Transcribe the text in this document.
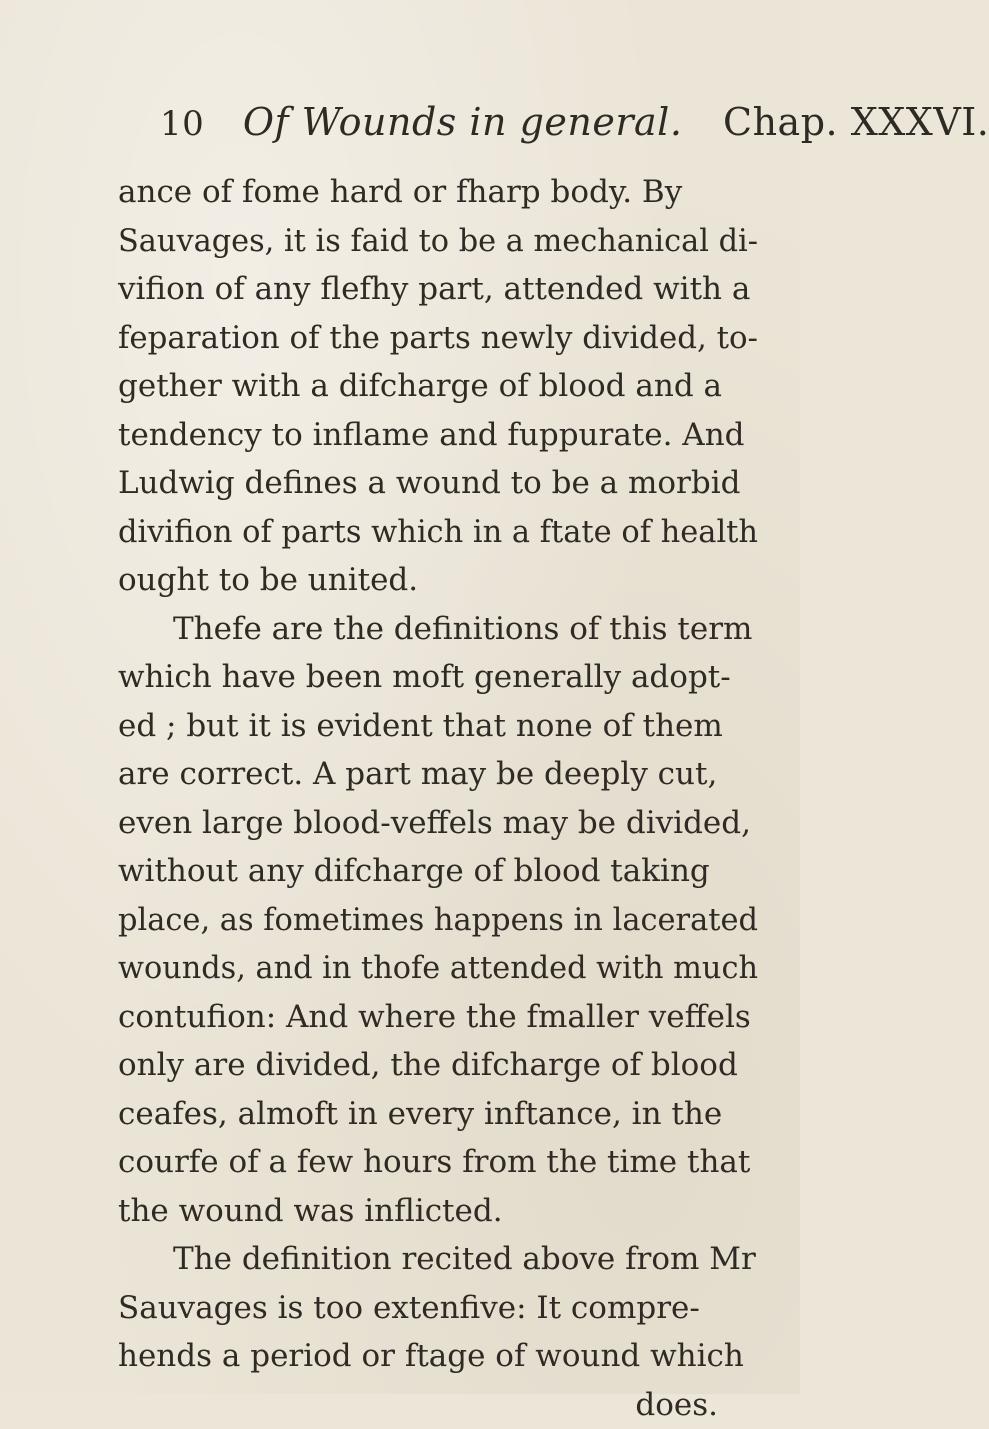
10 Of Wounds in general. Chap. XXXVI.
ance of fome hard or fharp body. By
Sauvages, it is faid to be a mechanical di-
vifion of any flefhy part, attended with a
feparation of the parts newly divided, to-
gether with a difcharge of blood and a
tendency to inflame and fuppurate. And
Ludwig defines a wound to be a morbid
divifion of parts which in a ftate of health
ought to be united.
Thefe are the definitions of this term
which have been moft generally adopt-
ed ; but it is evident that none of them
are correct. A part may be deeply cut,
even large blood-veffels may be divided,
without any difcharge of blood taking
place, as fometimes happens in lacerated
wounds, and in thofe attended with much
contufion: And where the fmaller veffels
only are divided, the difcharge of blood
ceafes, almoft in every inftance, in the
courfe of a few hours from the time that
the wound was inflicted.
The definition recited above from Mr
Sauvages is too extenfive: It compre-
hends a period or ftage of wound which
does.
